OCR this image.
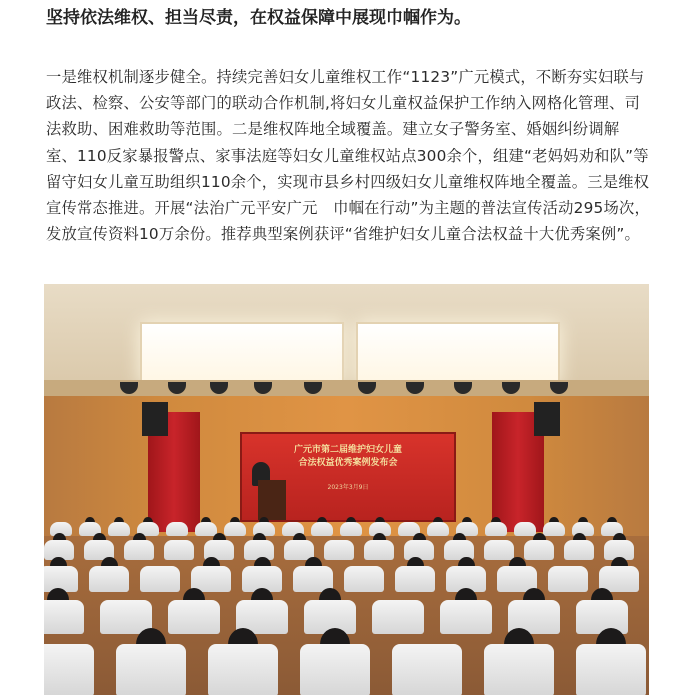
坚持依法维权、担当尽责，在权益保障中展现巾帼作为。
一是维权机制逐步健全。持续完善妇女儿童维权工作“1123”广元模式，不断夯实妇联与政法、检察、公安等部门的联动合作机制,将妇女儿童权益保护工作纳入网格化管理、司法救助、困难救助等范围。二是维权阵地全域覆盖。建立女子警务室、婚姻纠纷调解室、110反家暴报警点、家事法庭等妇女儿童维权站点300余个，组建“老妈妈劝和队”等留守妇女儿童互助组织110余个，实现市县乡村四级妇女儿童维权阵地全覆盖。三是维权宣传常态推进。开展“法治广元平安广元　巾帼在行动”为主题的普法宣传活动295场次，发放宣传资料10万余份。推荐典型案例获评“省维护妇女儿童合法权益十大优秀案例”。
广元市第二届维护妇女儿童
合法权益优秀案例发布会
2023年3月9日
